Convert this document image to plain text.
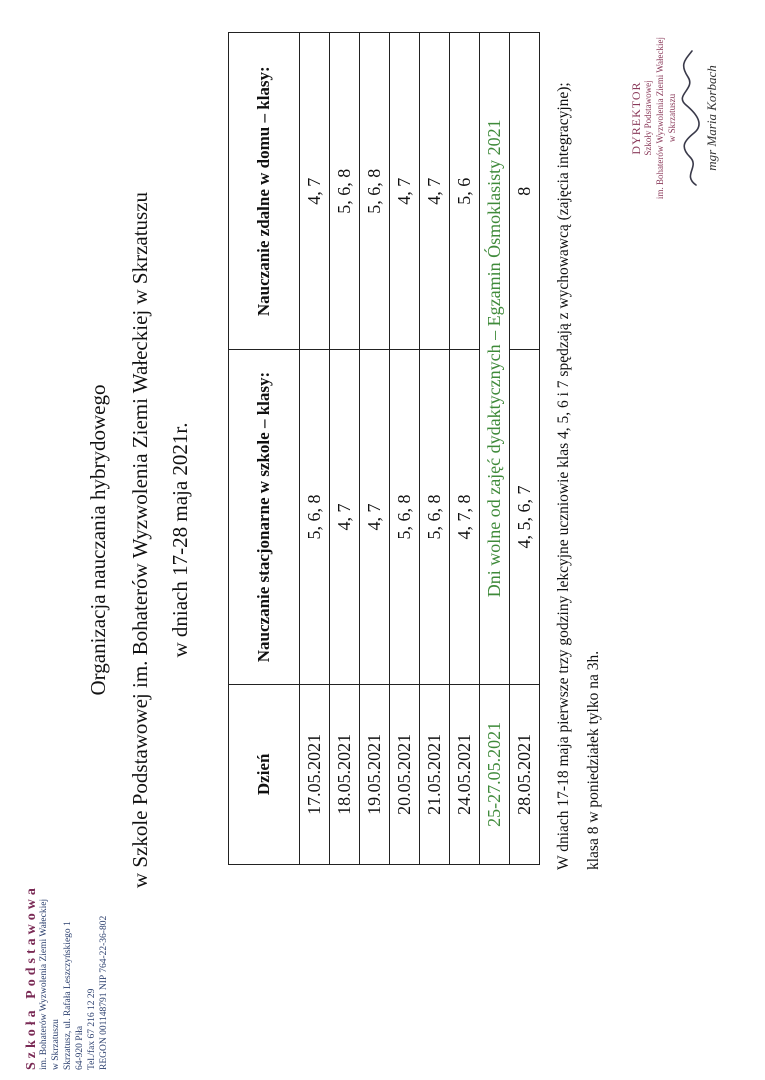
Szkoła Podstawowa im. Bohaterów Wyzwolenia Ziemi Wałeckiej w Skrzatuszu Skrzatusz, ul. Rafała Leszczyńskiego 1 64-920 Piła Tel./fax 67 216 12 29 REGON 001148791 NIP 764-22-36-802
Organizacja nauczania hybrydowego w Szkole Podstawowej im. Bohaterów Wyzwolenia Ziemi Wałeckiej w Skrzatuszu w dniach 17-28 maja 2021r.
Dzień	Nauczanie stacjonarne w szkole – klasy:	Nauczanie zdalne w domu – klasy:
17.05.2021	5, 6, 8	4, 7
18.05.2021	4, 7	5, 6, 8
19.05.2021	4, 7	5, 6, 8
20.05.2021	5, 6, 8	4, 7
21.05.2021	5, 6, 8	4, 7
24.05.2021	4, 7, 8	5, 6
25-27.05.2021	Dni wolne od zajęć dydaktycznych – Egzamin Ósmoklasisty 2021	
28.05.2021	4, 5, 6, 7	8 W dniach 17-18 maja pierwsze trzy godziny lekcyjne uczniowie klas 4, 5, 6 i 7 spędzają z wychowawcą (zajęcia integracyjne); klasa 8 w poniedziałek tylko na 3h.
DYREKTOR Szkoły Podstawowej im. Bohaterów Wyzwolenia Ziemi Wałeckiej w Skrzatuszu mgr Maria Korbach
